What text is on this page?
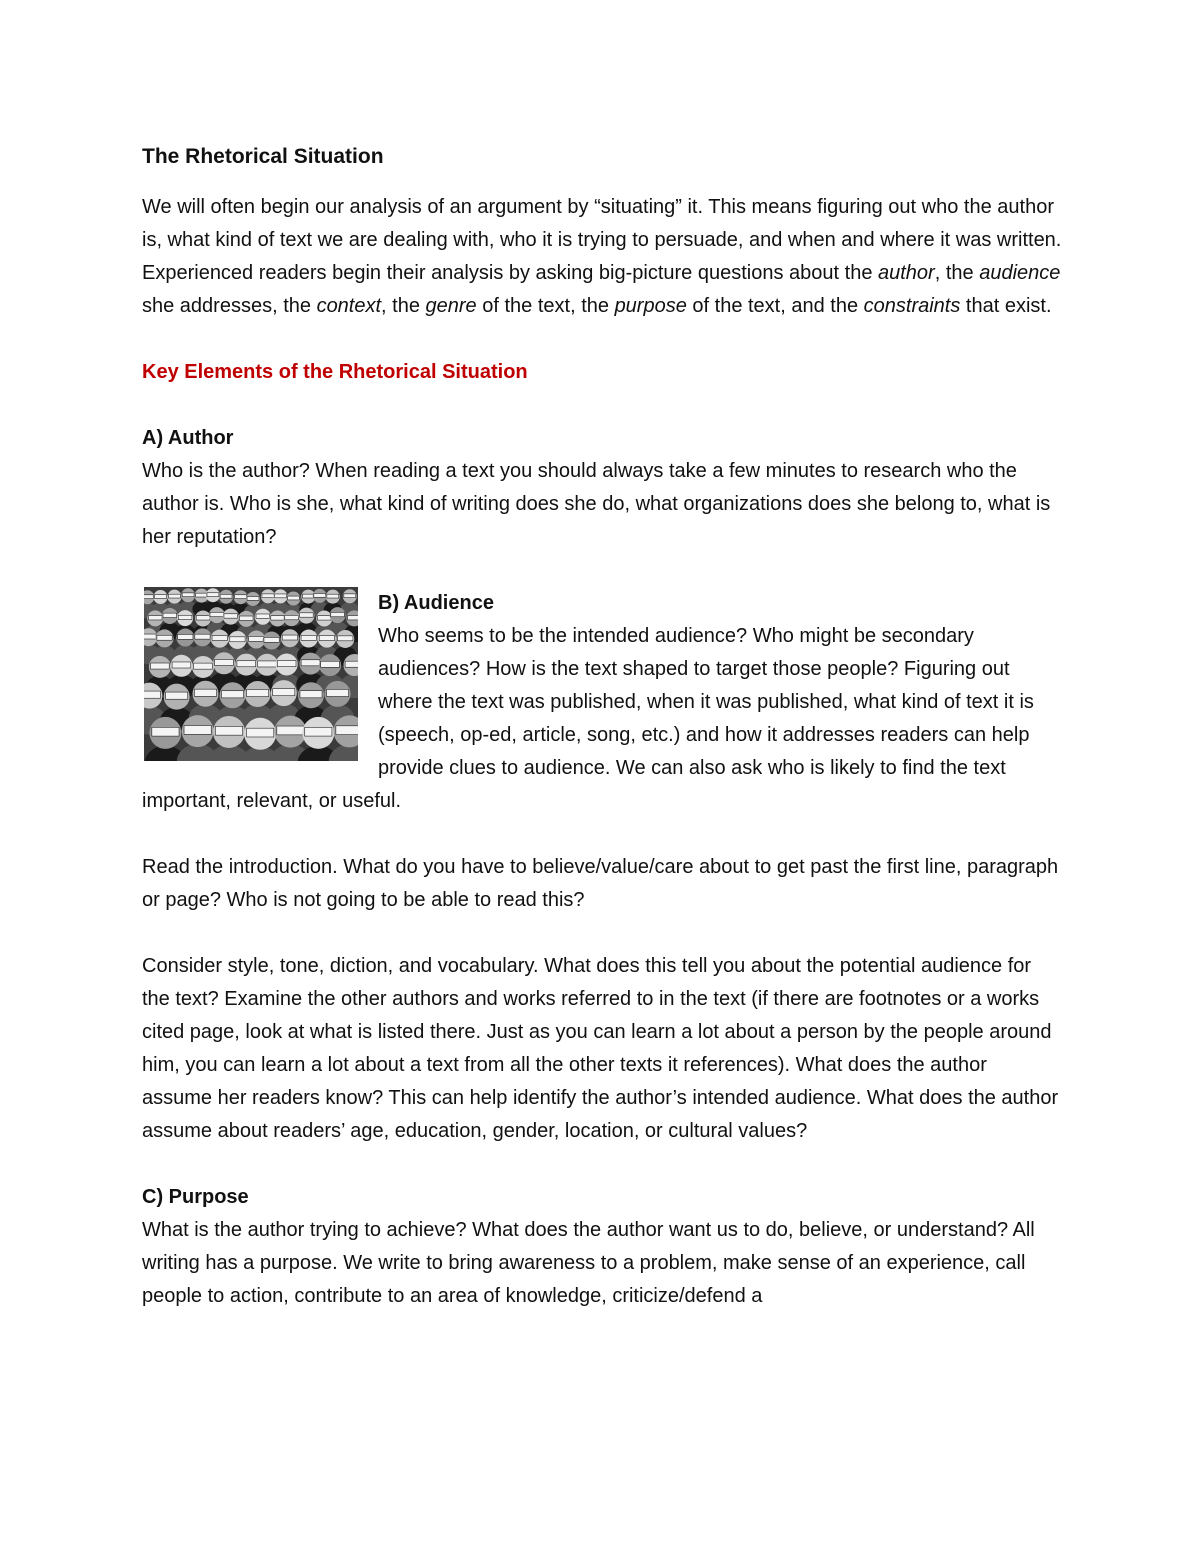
The Rhetorical Situation

We will often begin our analysis of an argument by “situating” it. This means figuring out who the author is, what kind of text we are dealing with, who it is trying to persuade, and when and where it was written. Experienced readers begin their analysis by asking big-picture questions about the author, the audience she addresses, the context, the genre of the text, the purpose of the text, and the constraints that exist.

Key Elements of the Rhetorical Situation
A) Author

Who is the author? When reading a text you should always take a few minutes to research who the author is. Who is she, what kind of writing does she do, what organizations does she belong to, what is her reputation?

B) Audience

Who seems to be the intended audience? Who might be secondary audiences? How is the text shaped to target those people? Figuring out where the text was published, when it was published, what kind of text it is (speech, op-ed, article, song, etc.) and how it addresses readers can help provide clues to audience. We can also ask who is likely to find the text important, relevant, or useful.

Read the introduction. What do you have to believe/value/care about to get past the first line, paragraph or page? Who is not going to be able to read this?

Consider style, tone, diction, and vocabulary. What does this tell you about the potential audience for the text? Examine the other authors and works referred to in the text (if there are footnotes or a works cited page, look at what is listed there. Just as you can learn a lot about a person by the people around him, you can learn a lot about a text from all the other texts it references). What does the author assume her readers know? This can help identify the author’s intended audience. What does the author assume about readers’ age, education, gender, location, or cultural values?

C) Purpose

What is the author trying to achieve? What does the author want us to do, believe, or understand? All writing has a purpose. We write to bring awareness to a problem, make sense of an experience, call people to action, contribute to an area of knowledge, criticize/defend a
